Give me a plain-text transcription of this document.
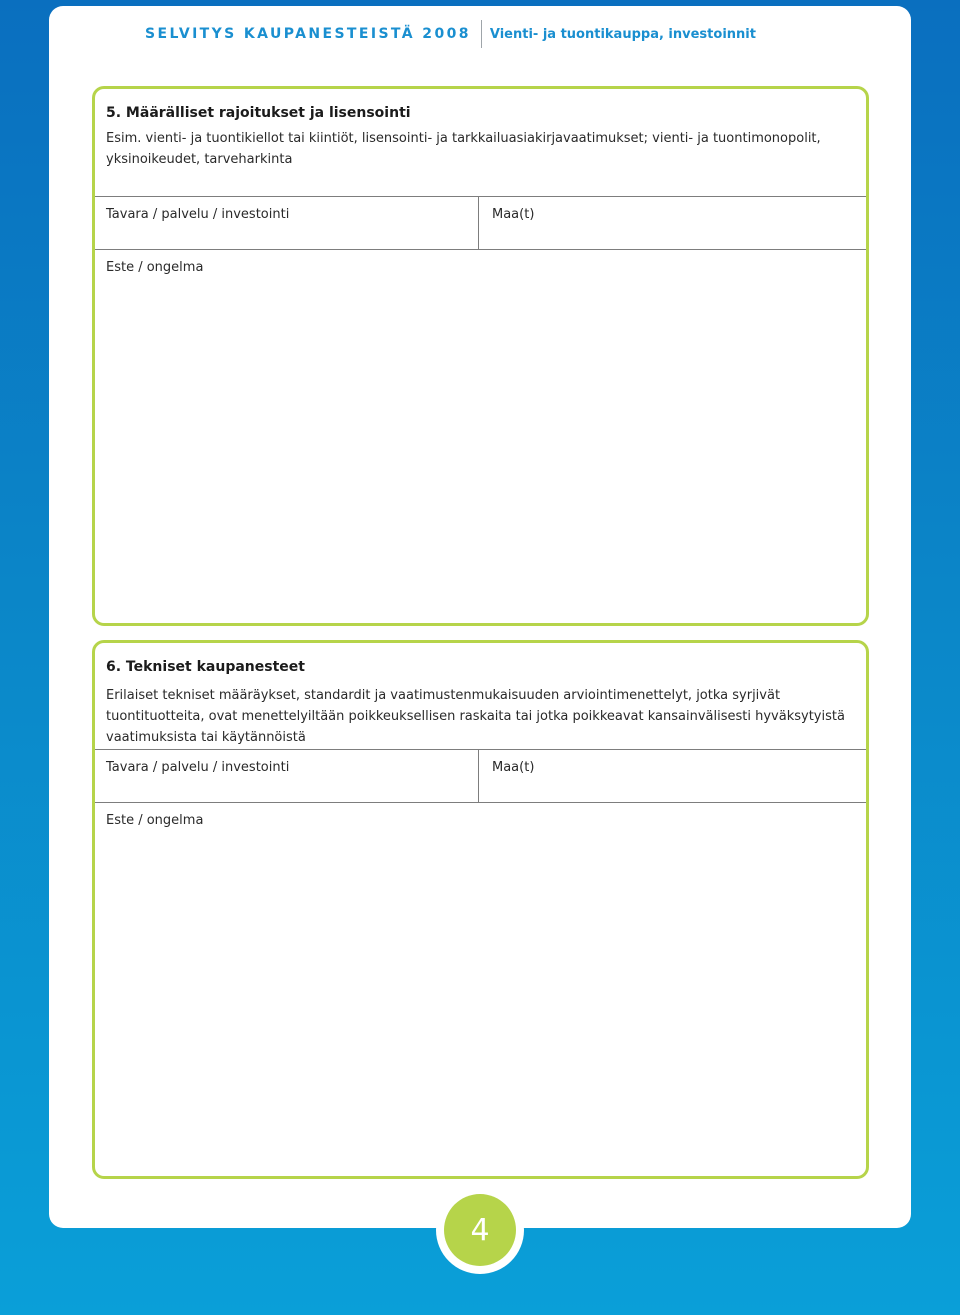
SELVITYS KAUPANESTEISTÄ 2008 Vienti- ja tuontikauppa, investoinnit
5. Määrälliset rajoitukset ja lisensointi
Esim. vienti- ja tuontikiellot tai kiintiöt, lisensointi- ja tarkkailuasiakirjavaatimukset; vienti- ja tuontimonopolit, yksinoikeudet, tarveharkinta
Tavara / palvelu / investointi	Maa(t)
Este / ongelma
6. Tekniset kaupanesteet
Erilaiset tekniset määräykset, standardit ja vaatimustenmukaisuuden arviointimenettelyt, jotka syrjivät tuontituotteita, ovat menettelyiltään poikkeuksellisen raskaita tai jotka poikkeavat kansainvälisesti hyväksytyistä vaatimuksista tai käytännöistä
Tavara / palvelu / investointi	Maa(t)
Este / ongelma
4
